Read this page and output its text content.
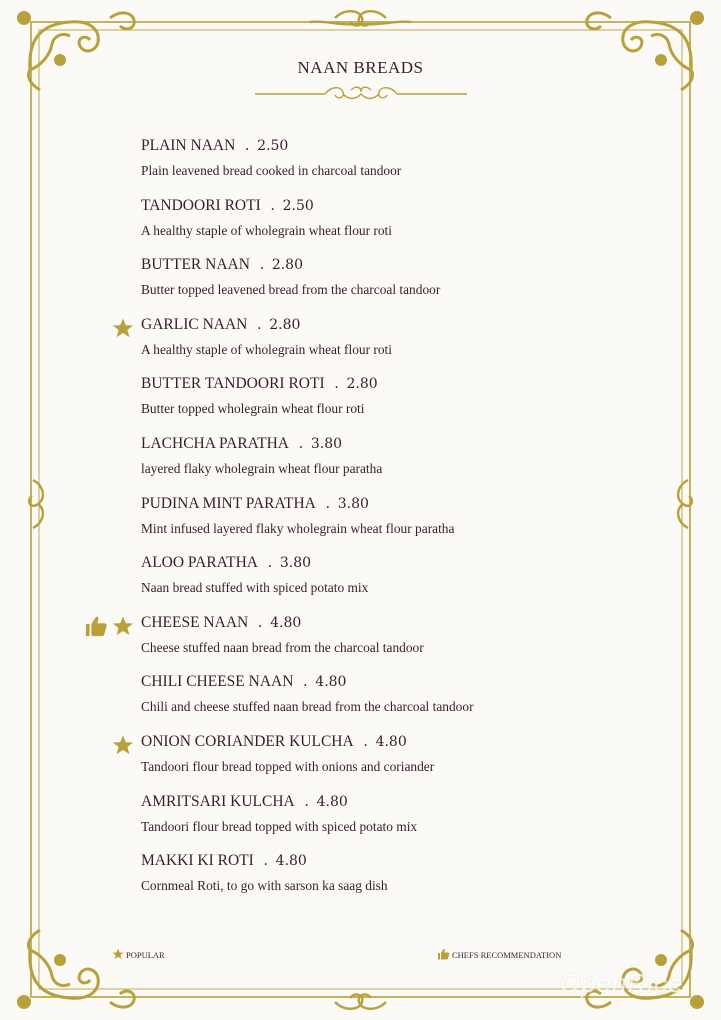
NAAN BREADS
PLAIN NAAN . 2.50
Plain leavened bread cooked in charcoal tandoor
TANDOORI ROTI . 2.50
A healthy staple of wholegrain wheat flour roti
BUTTER NAAN . 2.80
Butter topped leavened bread from the charcoal tandoor
GARLIC NAAN . 2.80
A healthy staple of wholegrain wheat flour roti
BUTTER TANDOORI ROTI . 2.80
Butter topped wholegrain wheat flour roti
LACHCHA PARATHA . 3.80
layered flaky wholegrain wheat flour paratha
PUDINA MINT PARATHA . 3.80
Mint infused layered flaky wholegrain wheat flour paratha
ALOO PARATHA . 3.80
Naan bread stuffed with spiced potato mix
CHEESE NAAN . 4.80
Cheese stuffed naan bread from the charcoal tandoor
CHILI CHEESE NAAN . 4.80
Chili and cheese stuffed naan bread from the charcoal tandoor
ONION CORIANDER KULCHA . 4.80
Tandoori flour bread topped with onions and coriander
AMRITSARI KULCHA . 4.80
Tandoori flour bread topped with spiced potato mix
MAKKI KI ROTI . 4.80
Cornmeal Roti, to go with sarson ka saag dish
POPULAR	CHEFS RECOMMENDATION
OpenRice
